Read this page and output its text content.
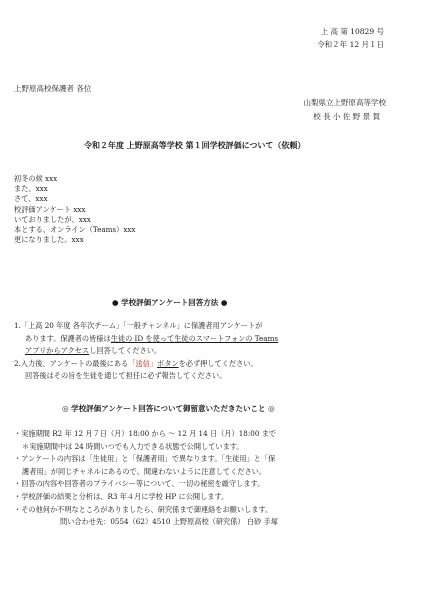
上 高 第 10829 号
令和２年 12 月１日
上野原高校保護者 各位
山梨県立上野原高等学校
校 長 小 佐 野 景 賀
令和２年度 上野原高等学校 第１回学校評価について（依頼）
初冬の候 xxx
また、xxx
さて、xxx
校評価アンケート xxx
いておりましたが、xxx
本とする、オンライン（Teams）xxx
更になりました。xxx
● 学校評価アンケート回答方法 ●
1.「上高 20 年度 各年次チーム」「一般チャンネル」に保護者用アンケートが
あります。保護者の皆様は生徒の ID を使って生徒のスマートフォンの Teams
アプリからアクセスし回答してください。
2.入力後、アンケートの最後にある「送信」ボタンを必ず押してください。
回答後はその旨を生徒を通じて担任に必ず報告してください。
◎ 学校評価アンケート回答について御留意いただきたいこと ◎
・実施期間 R2 年 12 月７日（月）18:00 から ～ 12 月 14 日（月）18:00 まで
＊実施期間中は 24 時間いつでも入力できる状態で公開しています。
・アンケートの内容は「生徒用」と「保護者用」で異なります。「生徒用」と「保
護者用」が同じチャネルにあるので、間違わないように注意してください。
・回答の内容や回答者のプライバシー等について、一切の秘密を厳守します。
・学校評価の結果と分析は、R3 年４月に学校 HP に公開します。
・その他何か不明なところがありましたら、研究係まで御連絡をお願いします。
問い合わせ先：0554（62）4510 上野原高校（研究係） 白砂 手塚
